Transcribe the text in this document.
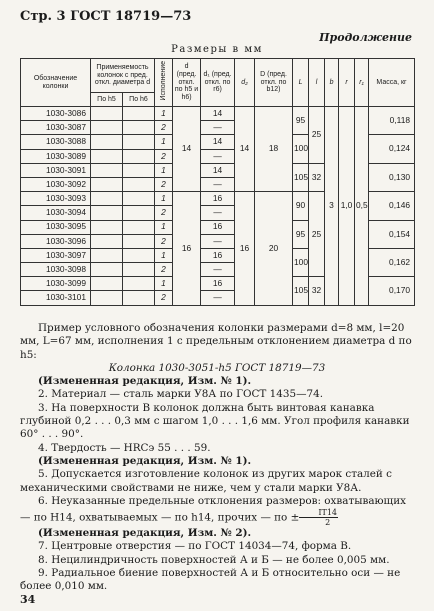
Стр. 3 ГОСТ 18719—73
Продолжение
Размеры в мм
Обозначение колонки	Применяемость колонок с пред. откл. диаметра d		Исполнение	d (пред. откл. по h5 и h6)	d₁ (пред. откл. по r6)	d₂	D (пред. откл. по b12)	L	l	b	r	r₁	Масса, кг
	По h5	По h6											
1030-3086			1	14	14	14	18	95	25	3	1,0	0,5	0,118
1030-3087			2		—								
1030-3088			1		14			100					0,124
1030-3089			2		—								
1030-3091			1		14			105	32				0,130
1030-3092			2		—								
1030-3093			1	16	16	16	20	90	25				0,146
1030-3094			2		—								
1030-3095			1		16			95					0,154
1030-3096			2		—								
1030-3097			1		16			100					0,162
1030-3098			2		—								
1030-3099			1		16			105	32				0,170
1030-3101			2		—								

Пример условного обозначения колонки размерами d=8 мм, l=20 мм, L=67 мм, исполнения 1 с предельным отклонением диаметра d по h5:

Колонка 1030-3051-h5 ГОСТ 18719—73

(Измененная редакция, Изм. № 1).

2. Материал — сталь марки У8А по ГОСТ 1435—74.

3. На поверхности В колонок должна быть винтовая канавка глубиной 0,2 . . . 0,3 мм с шагом 1,0 . . . 1,6 мм. Угол профиля канавки 60° . . . 90°.

4. Твердость — HRCэ 55 . . . 59.

(Измененная редакция, Изм. № 1).

5. Допускается изготовление колонок из других марок сталей с механическими свойствами не ниже, чем у стали марки У8А.

6. Неуказанные предельные отклонения размеров: охватывающих — по Н14, охватываемых — по h14, прочих — по ± $\frac{IT14}{2}$

(Измененная редакция, Изм. № 2).

7. Центровые отверстия — по ГОСТ 14034—74, форма В.

8. Нецилиндричность поверхностей А и Б — не более 0,005 мм.

9. Радиальное биение поверхностей А и Б относительно оси — не более 0,010 мм.

34
